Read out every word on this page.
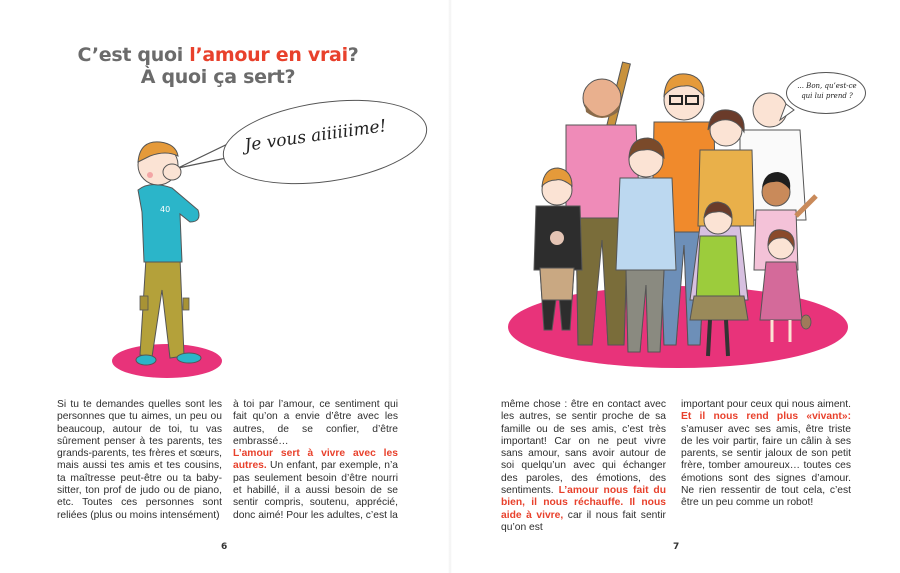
C’est quoi l’amour en vrai?
À quoi ça sert?
40
Je vous aiiiiiime!
... Bon, qu’est-ce qui lui prend ?

Si tu te demandes quelles sont les personnes que tu aimes, un peu ou beaucoup, autour de toi, tu vas sûrement penser à tes parents, tes grands-parents, tes frères et sœurs, mais aussi tes amis et tes cousins, ta maîtresse peut-être ou ta baby-sitter, ton prof de judo ou de piano, etc. Toutes ces personnes sont reliées (plus ou moins intensément)

à toi par l’amour, ce sentiment qui fait qu’on a envie d’être avec les autres, de se confier, d’être embrassé…
L’amour sert à vivre avec les autres. Un enfant, par exemple, n’a pas seulement besoin d’être nourri et habillé, il a aussi besoin de se sentir compris, soutenu, apprécié, donc aimé! Pour les adultes, c’est la

même chose : être en contact avec les autres, se sentir proche de sa famille ou de ses amis, c’est très important! Car on ne peut vivre sans amour, sans avoir autour de soi quelqu’un avec qui échanger des paroles, des émotions, des sentiments. L’amour nous fait du bien, il nous réchauffe. Il nous aide à vivre, car il nous fait sentir qu’on est

important pour ceux qui nous aiment. Et il nous rend plus «vivant»: s’amuser avec ses amis, être triste de les voir partir, faire un câlin à ses parents, se sentir jaloux de son petit frère, tomber amoureux… toutes ces émotions sont des signes d’amour. Ne rien ressentir de tout cela, c’est être un peu comme un robot!

6	7
